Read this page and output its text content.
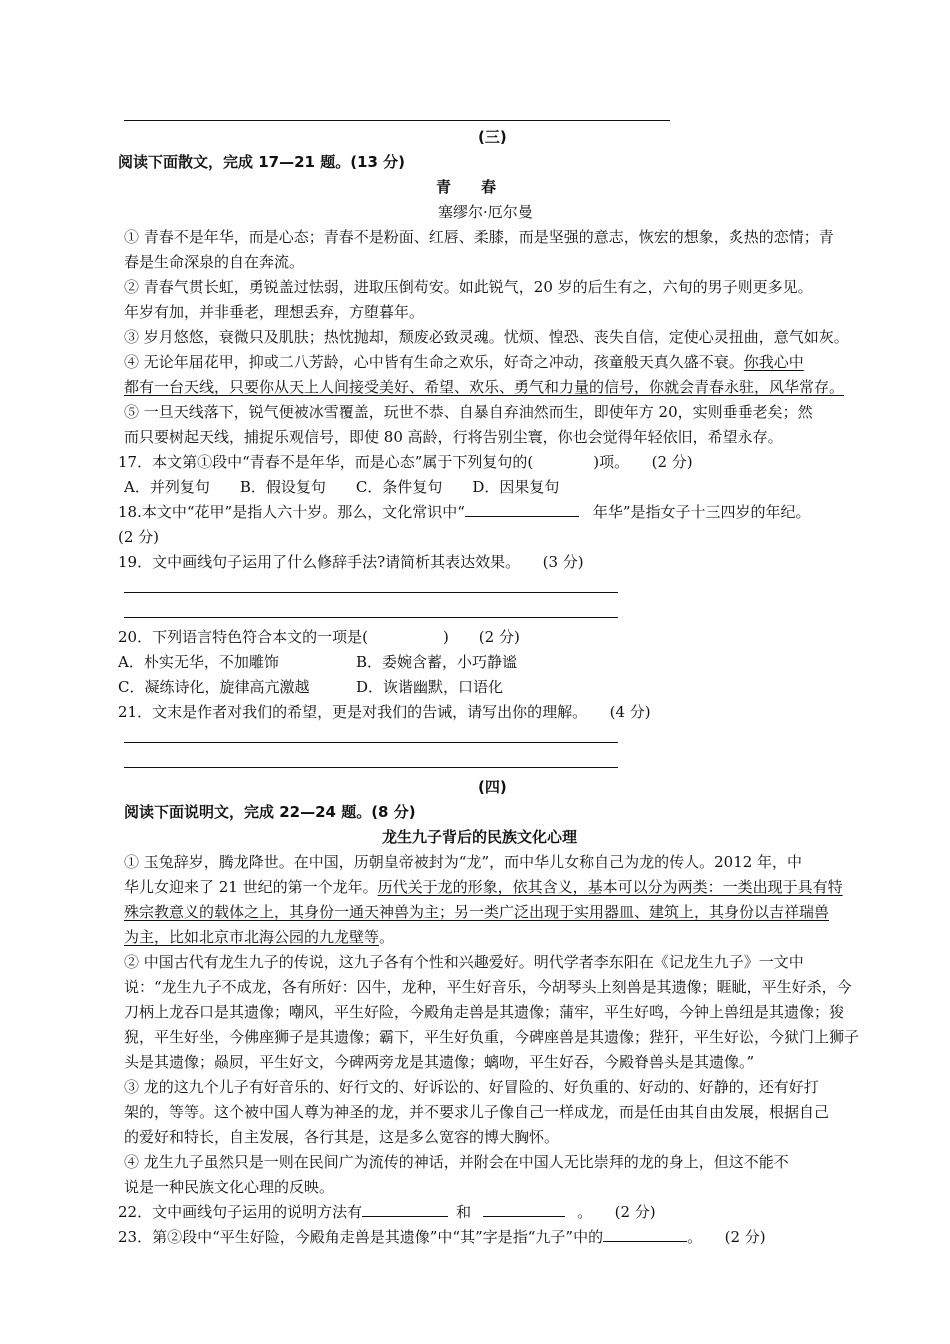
(三)
阅读下面散文，完成 17—21 题。(13 分)
青　　春
塞缪尔·厄尔曼
① 青春不是年华，而是心态；青春不是粉面、红唇、柔膝，而是坚强的意志，恢宏的想象，炙热的恋情；青
春是生命深泉的自在奔流。
② 青春气贯长虹，勇锐盖过怯弱，进取压倒苟安。如此锐气，20 岁的后生有之，六旬的男子则更多见。
年岁有加，并非垂老，理想丢弃，方堕暮年。
③ 岁月悠悠，衰微只及肌肤；热忱抛却，颓废必致灵魂。忧烦、惶恐、丧失自信，定使心灵扭曲，意气如灰。
④ 无论年届花甲，抑或二八芳龄，心中皆有生命之欢乐，好奇之冲动，孩童般天真久盛不衰。你我心中
都有一台天线，只要你从天上人间接受美好、希望、欢乐、勇气和力量的信号，你就会青春永驻，风华常存。
⑤ 一旦天线落下，锐气便被冰雪覆盖，玩世不恭、自暴自弃油然而生，即使年方 20，实则垂垂老矣；然
而只要树起天线，捕捉乐观信号，即使 80 高龄，行将告别尘寰，你也会觉得年轻依旧，希望永存。
17．本文第①段中“青春不是年华，而是心态”属于下列复句的(　　　　)项。　　(2 分)
A．并列复句　　B．假设复句　　C．条件复句　　D．因果复句
18.本文中“花甲”是指人六十岁。那么，文化常识中“	年华”是指女子十三四岁的年纪。
(2 分)
19．文中画线句子运用了什么修辞手法?请简析其表达效果。　　(3 分)
20．下列语言特色符合本文的一项是(　　　　　)　　(2 分)
A．朴实无华，不加雕饰	B．委婉含蓄，小巧静谧
C．凝练诗化，旋律高亢激越	D．诙谐幽默，口语化
21．文末是作者对我们的希望，更是对我们的告诫，请写出你的理解。　　(4 分)
(四)
阅读下面说明文，完成 22—24 题。(8 分)
龙生九子背后的民族文化心理
① 玉兔辞岁，腾龙降世。在中国，历朝皇帝被封为“龙”，而中华儿女称自己为龙的传人。2012 年，中
华儿女迎来了 21 世纪的第一个龙年。历代关于龙的形象，依其含义，基本可以分为两类：一类出现于具有特
殊宗教意义的载体之上，其身份一通天神兽为主；另一类广泛出现于实用器皿、建筑上，其身份以吉祥瑞兽
为主，比如北京市北海公园的九龙壁等。
② 中国古代有龙生九子的传说，这九子各有个性和兴趣爱好。明代学者李东阳在《记龙生九子》一文中
说：“龙生九子不成龙，各有所好：囚牛，龙种，平生好音乐，今胡琴头上刻兽是其遗像；睚眦，平生好杀，今
刀柄上龙吞口是其遗像；嘲风，平生好险，今殿角走兽是其遗像；蒲牢，平生好鸣，今钟上兽纽是其遗像；狻
猊，平生好坐，今佛座狮子是其遗像；霸下，平生好负重，今碑座兽是其遗像；狴犴，平生好讼，今狱门上狮子
头是其遗像；赑屃，平生好文，今碑两旁龙是其遗像；螭吻，平生好吞，今殿脊兽头是其遗像。”
③ 龙的这九个儿子有好音乐的、好行文的、好诉讼的、好冒险的、好负重的、好动的、好静的，还有好打
架的，等等。这个被中国人尊为神圣的龙，并不要求儿子像自己一样成龙，而是任由其自由发展，根据自己
的爱好和特长，自主发展，各行其是，这是多么宽容的博大胸怀。
④ 龙生九子虽然只是一则在民间广为流传的神话，并附会在中国人无比崇拜的龙的身上，但这不能不
说是一种民族文化心理的反映。
22．文中画线句子运用的说明方法有	和	。　　(2 分)
23．第②段中“平生好险，今殿角走兽是其遗像”中“其”字是指“九子”中的	。　　(2 分)
